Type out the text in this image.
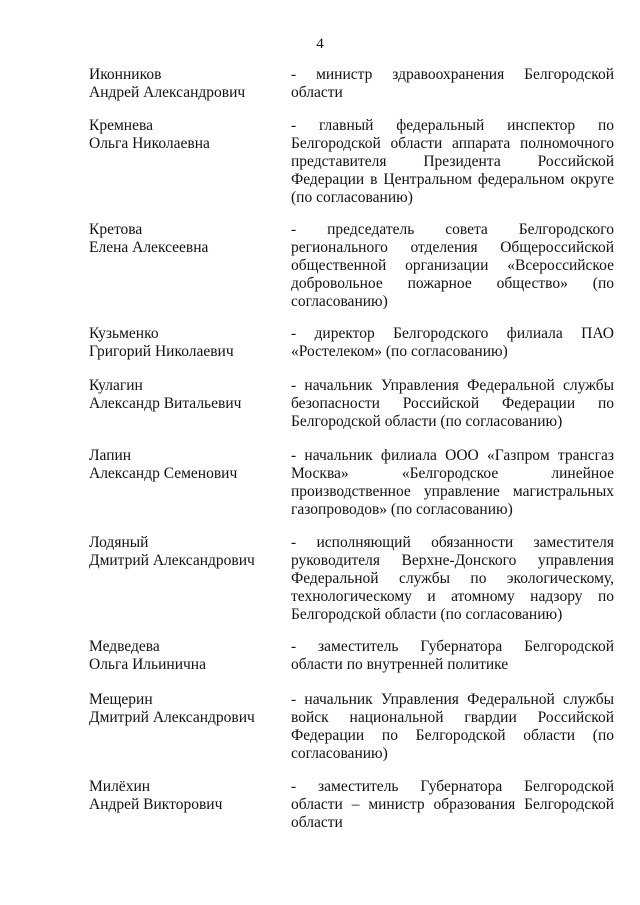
4
Иконников
Андрей Александрович
- министр здравоохранения Белгородской области
Кремнева
Ольга Николаевна
- главный федеральный инспектор по Белгородской области аппарата полномочного представителя Президента Российской Федерации в Центральном федеральном округе (по согласованию)
Кретова
Елена Алексеевна
- председатель совета Белгородского регионального отделения Общероссийской общественной организации «Всероссийское добровольное пожарное общество» (по согласованию)
Кузьменко
Григорий Николаевич
- директор Белгородского филиала ПАО «Ростелеком» (по согласованию)
Кулагин
Александр Витальевич
- начальник Управления Федеральной службы безопасности Российской Федерации по Белгородской области (по согласованию)
Лапин
Александр Семенович
- начальник филиала ООО «Газпром трансгаз Москва» «Белгородское линейное производственное управление магистральных газопроводов» (по согласованию)
Лодяный
Дмитрий Александрович
- исполняющий обязанности заместителя руководителя Верхне-Донского управления Федеральной службы по экологическому, технологическому и атомному надзору по Белгородской области (по согласованию)
Медведева
Ольга Ильинична
- заместитель Губернатора Белгородской области по внутренней политике
Мещерин
Дмитрий Александрович
- начальник Управления Федеральной службы войск национальной гвардии Российской Федерации по Белгородской области (по согласованию)
Милёхин
Андрей Викторович
- заместитель Губернатора Белгородской области – министр образования Белгородской области
